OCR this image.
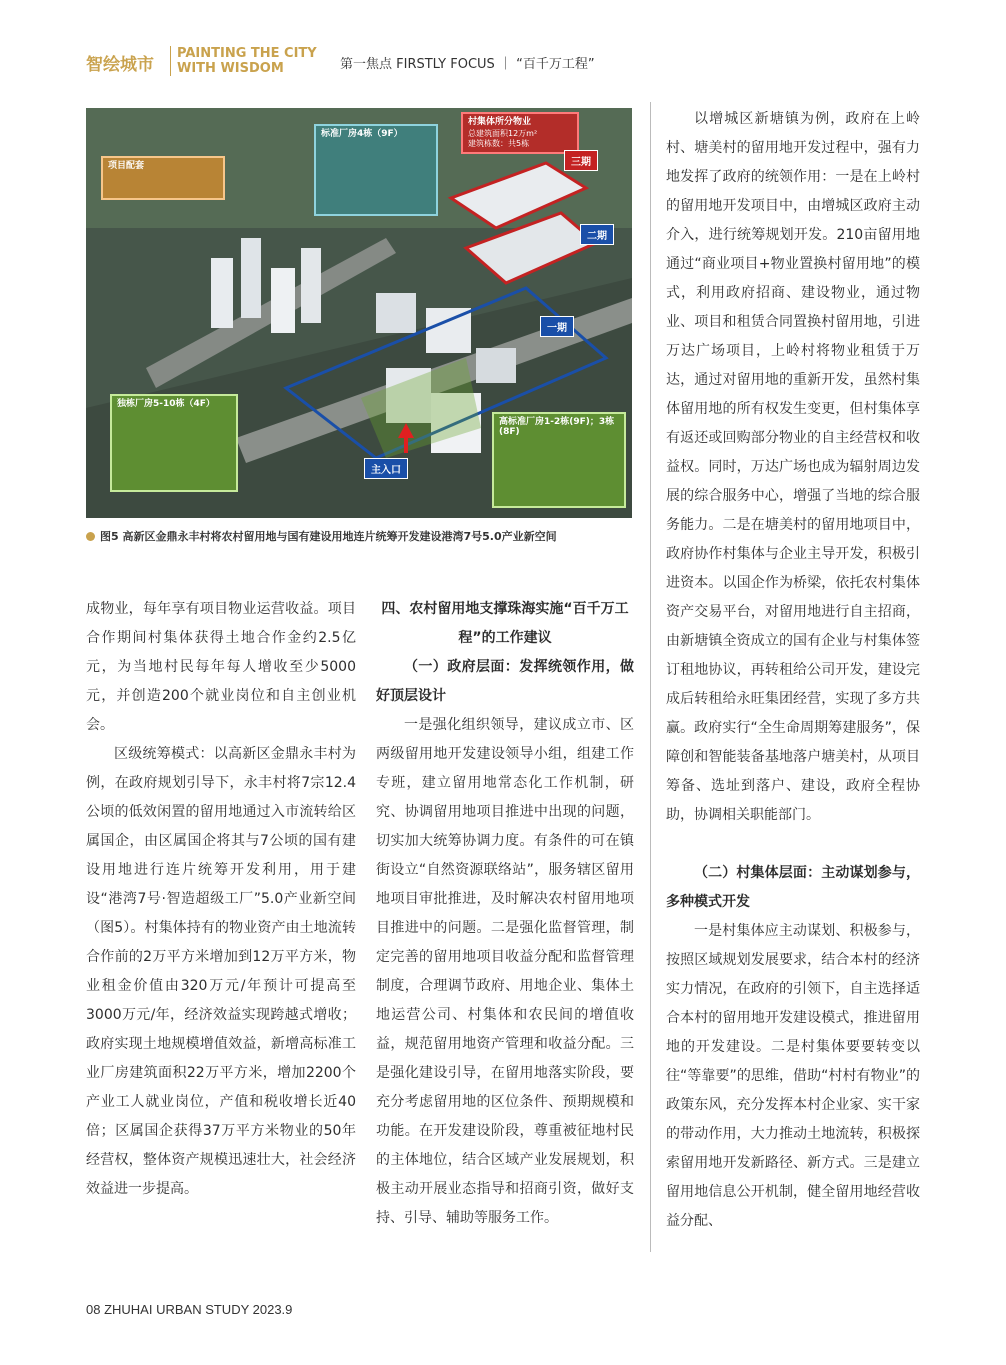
智绘城市
PAINTING THE CITY
WITH WISDOM	第一焦点 FIRSTLY FOCUS ｜ “百千万工程”
标准厂房4栋（9F）
村集体所分物业
总建筑面积12万m²
建筑栋数：共5栋
项目配套
独栋厂房5-10栋（4F）
高标准厂房1-2栋(9F)；3栋(8F)
三期
二期
一期
主入口
图5 高新区金鼎永丰村将农村留用地与国有建设用地连片统筹开发建设港湾7号5.0产业新空间

以增城区新塘镇为例，政府在上岭村、塘美村的留用地开发过程中，强有力地发挥了政府的统领作用：一是在上岭村的留用地开发项目中，由增城区政府主动介入，进行统筹规划开发。210亩留用地通过“商业项目+物业置换村留用地”的模式，利用政府招商、建设物业，通过物业、项目和租赁合同置换村留用地，引进万达广场项目，上岭村将物业租赁于万达，通过对留用地的重新开发，虽然村集体留用地的所有权发生变更，但村集体享有返还或回购部分物业的自主经营权和收益权。同时，万达广场也成为辐射周边发展的综合服务中心，增强了当地的综合服务能力。二是在塘美村的留用地项目中，政府协作村集体与企业主导开发，积极引进资本。以国企作为桥梁，依托农村集体资产交易平台，对留用地进行自主招商，由新塘镇全资成立的国有企业与村集体签订租地协议，再转租给公司开发，建设完成后转租给永旺集团经营，实现了多方共赢。政府实行“全生命周期筹建服务”，保障创和智能装备基地落户塘美村，从项目筹备、选址到落户、建设，政府全程协助，协调相关职能部门。

（二）村集体层面：主动谋划参与，多种模式开发

一是村集体应主动谋划、积极参与，按照区域规划发展要求，结合本村的经济实力情况，在政府的引领下，自主选择适合本村的留用地开发建设模式，推进留用地的开发建设。二是村集体要要转变以往“等靠要”的思维，借助“村村有物业”的政策东风，充分发挥本村企业家、实干家的带动作用，大力推动土地流转，积极探索留用地开发新路径、新方式。三是建立留用地信息公开机制，健全留用地经营收益分配、

成物业，每年享有项目物业运营收益。项目合作期间村集体获得土地合作金约2.5亿元，为当地村民每年每人增收至少5000元，并创造200个就业岗位和自主创业机会。

区级统筹模式：以高新区金鼎永丰村为例，在政府规划引导下，永丰村将7宗12.4公顷的低效闲置的留用地通过入市流转给区属国企，由区属国企将其与7公顷的国有建设用地进行连片统筹开发利用，用于建设“港湾7号·智造超级工厂”5.0产业新空间（图5）。村集体持有的物业资产由土地流转合作前的2万平方米增加到12万平方米，物业租金价值由320万元/年预计可提高至3000万元/年，经济效益实现跨越式增收；政府实现土地规模增值效益，新增高标准工业厂房建筑面积22万平方米，增加2200个产业工人就业岗位，产值和税收增长近40倍；区属国企获得37万平方米物业的50年经营权，整体资产规模迅速壮大，社会经济效益进一步提高。

四、农村留用地支撑珠海实施“百千万工程”的工作建议

（一）政府层面：发挥统领作用，做好顶层设计

一是强化组织领导，建议成立市、区两级留用地开发建设领导小组，组建工作专班，建立留用地常态化工作机制，研究、协调留用地项目推进中出现的问题，切实加大统筹协调力度。有条件的可在镇街设立“自然资源联络站”，服务辖区留用地项目审批推进，及时解决农村留用地项目推进中的问题。二是强化监督管理，制定完善的留用地项目收益分配和监督管理制度，合理调节政府、用地企业、集体土地运营公司、村集体和农民间的增值收益，规范留用地资产管理和收益分配。三是强化建设引导，在留用地落实阶段，要充分考虑留用地的区位条件、预期规模和功能。在开发建设阶段，尊重被征地村民的主体地位，结合区域产业发展规划，积极主动开展业态指导和招商引资，做好支持、引导、辅助等服务工作。

08 ZHUHAI URBAN STUDY 2023.9
